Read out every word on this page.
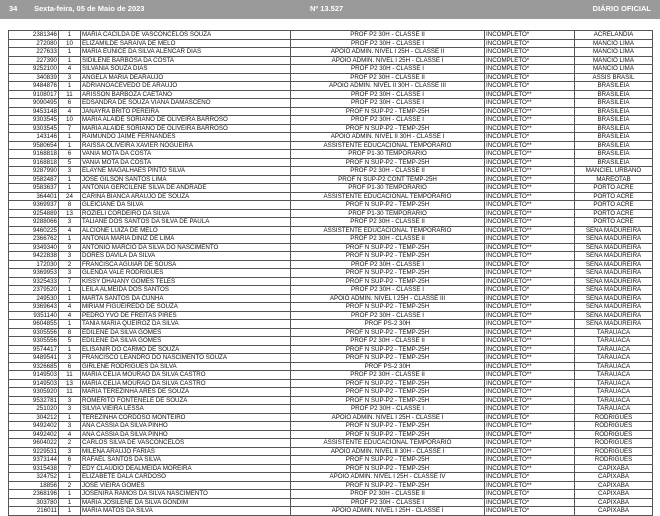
34 Sexta-feira, 05 de Maio de 2023	Nº 13.527	DIÁRIO OFICIAL
2381346	1	MARIA CACILDA DE VASCONCELOS SOUZA	PROF P2 30H - CLASSE II	INCOMPLETO*	ACRELANDIA
272080	10	ELIZAMILDE SARAIVA DE MELO	PROF P2 30H - CLASSE I	INCOMPLETO*	MANCIO LIMA
227633	1	MARIA EUNICE DA SILVA ALENCAR DIAS	APOIO ADMIN. NIVEL I 25H - CLASSE II	INCOMPLETO*	MANCIO LIMA
227390	1	SIDILENE BARBOSA DA COSTA	APOIO ADMIN. NIVEL I 25H - CLASSE I	INCOMPLETO*	MANCIO LIMA
9252100	4	SILVANIA SOUZA DIAS	PROF P2 30H - CLASSE I	INCOMPLETO*	MANCIO LIMA
340839	3	ANGELA MARIA DEARAUJO	PROF P2 30H - CLASSE II	INCOMPLETO*	ASSIS BRASIL
9484876	1	ADRIANOACEVEDO DE ARAUJO	APOIO ADMIN. NIVEL II 30H - CLASSE III	INCOMPLETO*	BRASILEIA
9108017	11	ARISSON BARBOZA CAETANO	PROF P2 30H - CLASSE I	INCOMPLETO**	BRASILEIA
9090495	6	EDSANDRA DE SOUZA VIANA DAMASCENO	PROF P2 30H - CLASSE I	INCOMPLETO**	BRASILEIA
9453148	4	JANAYRA BRITO PEREIRA	PROF N SUP-P2 - TEMP-25H	INCOMPLETO**	BRASILEIA
9303545	10	MARIA ALAIDE SORIANO DE OLIVEIRA BARROSO	PROF P2 30H - CLASSE I	INCOMPLETO**	BRASILEIA
9303545	7	MARIA ALAIDE SORIANO DE OLIVEIRA BARROSO	PROF N SUP-P2 - TEMP-25H	INCOMPLETO**	BRASILEIA
143146	1	RAIMUNDO JAIME FERNANDES	APOIO ADMIN. NIVEL II 30H - CLASSE I	INCOMPLETO*	BRASILEIA
9580654	1	RAISSA OLIVEIRA XAVIER NOGUEIRA	ASSISTENTE EDUCACIONAL TEMPORARIO	INCOMPLETO**	BRASILEIA
9168818	6	VANIA MOTA DA COSTA	PROF P1-30 TEMPORARIO	INCOMPLETO**	BRASILEIA
9168818	5	VANIA MOTA DA COSTA	PROF N SUP-P2 - TEMP-25H	INCOMPLETO**	BRASILEIA
9287990	3	ELAYNE MAGALHAES PINTO SILVA	PROF P2 30H - CLASSE II	INCOMPLETO**	MANCIEL URBANO
9582487	1	JOSE GILSON SANTOS LIMA	PROF N SUP-P2 CONT TEMP-25H	INCOMPLETO**	MAREOTAB
9583637	1	ANTONIA GERCILENE SILVA DE ANDRADE	PROF P1-30 TEMPORARIO	INCOMPLETO**	PORTO ACRE
364401	24	CARINA BIANCA ARAUJO DE SOUZA	ASSISTENTE EDUCACIONAL TEMPORARIO	INCOMPLETO**	PORTO ACRE
9369937	8	GLEICIANE DA SILVA	PROF N SUP-P2 - TEMP-25H	INCOMPLETO**	PORTO ACRE
9254889	13	ROZIELI CORDEIRO DA SILVA	PROF P1-30 TEMPORARIO	INCOMPLETO**	PORTO ACRE
9288066	3	TALIANE DOS SANTOS DA SILVA DE PAULA	PROF P2 30H - CLASSE II	INCOMPLETO**	PORTO ACRE
9460225	4	ALCIONE LUIZA DE MELO	ASSISTENTE EDUCACIONAL TEMPORARIO	INCOMPLETO**	SENA MADUREIRA
2366762	1	ANTONIA MARIA DINIZ DE LIMA	PROF P2 30H - CLASSE II	INCOMPLETO*	SENA MADUREIRA
9349340	9	ANTONIO MARCIO DA SILVA DO NASCIMENTO	PROF N SUP-P2 - TEMP-25H	INCOMPLETO**	SENA MADUREIRA
9422838	3	DORES DAVILA DA SILVA	PROF N SUP-P2 - TEMP-25H	INCOMPLETO**	SENA MADUREIRA
172030	2	FRANCISCA AGUIAR DE SOUSA	PROF P2 30H - CLASSE I	INCOMPLETO*	SENA MADUREIRA
9369953	3	GLENDA VALE RODRIGUES	PROF N SUP-P2 - TEMP-25H	INCOMPLETO**	SENA MADUREIRA
9325433	7	KISSY DHAIANY GOMES TELES	PROF N SUP-P2 - TEMP-25H	INCOMPLETO**	SENA MADUREIRA
2379520	1	LEILA ALMEIDA DOS SANTOS	PROF P2 30H - CLASSE I	INCOMPLETO*	SENA MADUREIRA
249530	1	MARTA SANTOS DA CUNHA	APOIO ADMIN. NIVEL I 25H - CLASSE III	INCOMPLETO*	SENA MADUREIRA
9369643	4	MIRIAM FIGUEIREDO DE SOUZA	PROF N SUP-P2 - TEMP-25H	INCOMPLETO**	SENA MADUREIRA
9351140	4	PEDRO YVO DE FREITAS PIRES	PROF P2 30H - CLASSE I	INCOMPLETO**	SENA MADUREIRA
9604855	1	TANIA MARIA QUEIROZ DA SILVA	PROF PS-2 30H	INCOMPLETO**	SENA MADUREIRA
9305556	8	EDILENE DA SILVA GOMES	PROF N SUP-P2 - TEMP-25H	INCOMPLETO**	TARAUACA
9305556	5	EDILENE DA SILVA GOMES	PROF P2 30H - CLASSE II	INCOMPLETO**	TARAUACA
9574417	1	ELISANIR DO CARMO DE SOUZA	PROF N SUP-P2 - TEMP-25H	INCOMPLETO**	TARAUACA
9489541	3	FRANCISCO LEANDRO DO NASCIMENTO SOUZA	PROF N SUP-P2 - TEMP-25H	INCOMPLETO**	TARAUACA
9326685	6	GIRLENE RODRIGUES DA SILVA	PROF PS-2 30H	INCOMPLETO**	TARAUACA
9149503	11	MARIA CELIA MOURAO DA SILVA CASTRO	PROF P2 30H - CLASSE II	INCOMPLETO**	TARAUACA
9149503	13	MARIA CELIA MOURAO DA SILVA CASTRO	PROF N SUP-P2 - TEMP-25H	INCOMPLETO**	TARAUACA
9305920	11	MARIA TEREZINHA ARES DE SOUZA	PROF N SUP-P2 - TEMP-25H	INCOMPLETO**	TARAUACA
9532781	3	ROMERITO FONTENELE DE SOUZA	PROF N SUP-P2 - TEMP-25H	INCOMPLETO**	TARAUACA
251020	3	SILVIA VIEIRA LESSA	PROF P2 30H - CLASSE I	INCOMPLETO*	TARAUACA
304212	1	TEREZINHA CORDOSO MONTEIRO	APOIO ADMIN. NIVEL I 25H - CLASSE I	INCOMPLETO*	RODRIGUES
9492402	3	ANA CASSIA DA SILVA PINHO	PROF N SUP-P2 - TEMP-25H	INCOMPLETO**	RODRIGUES
9492402	4	ANA CASSIA DA SILVA PINHO	PROF N SUP-P2 - TEMP-25H	INCOMPLETO**	RODRIGUES
9604022	2	CARLOS SILVA DE VASCONCELOS	ASSISTENTE EDUCACIONAL TEMPORARIO	INCOMPLETO**	RODRIGUES
9229531	3	MILENA ARAUJO FARIAS	APOIO ADMIN. NIVEL II 30H - CLASSE I	INCOMPLETO**	RODRIGUES
9373144	6	RAFAEL SANTOS DA SILVA	PROF N SUP-P2 - TEMP-25H	INCOMPLETO**	RODRIGUES
9315438	7	EDY CLAUDIO DEALMEIDA MOREIRA	PROF N SUP-P2 - TEMP-25H	INCOMPLETO**	CAPIXABA
324752	1	ELIZABETE DALA CARDOSO	APOIO ADMIN. NIVEL I 25H - CLASSE IV	INCOMPLETO*	CAPIXABA
18856	2	JOSE VIEIRA GOMES	PROF N SUP-P2 - TEMP-25H	INCOMPLETO**	CAPIXABA
2368196	1	JOSENIRA RAMOS DA SILVA NASCIMENTO	PROF P2 30H - CLASSE II	INCOMPLETO*	CAPIXABA
303780	1	MARIA JOSILENE DA SILVA GONDIM	PROF P2 30H - CLASSE I	INCOMPLETO*	CAPIXABA
216011	1	MARIA MATOS DA SILVA	APOIO ADMIN. NIVEL I 25H - CLASSE I	INCOMPLETO*	CAPIXABA
